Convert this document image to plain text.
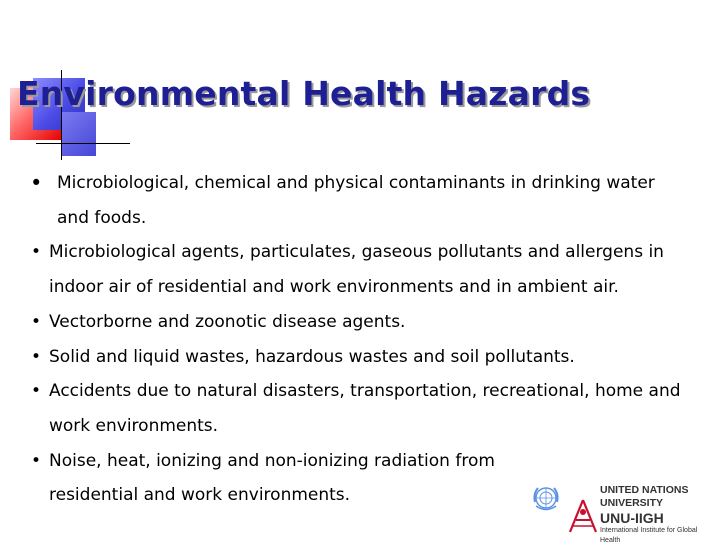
Environmental Health Hazards
• Microbiological, chemical and physical contaminants in drinking water and foods.
• Microbiological agents, particulates, gaseous pollutants and allergens in indoor air of residential and work environments and in ambient air.
• Vectorborne and zoonotic disease agents.
• Solid and liquid wastes, hazardous wastes and soil pollutants.
• Accidents due to natural disasters, transportation, recreational, home and work environments.
• Noise, heat, ionizing and non-ionizing radiation from residential and work environments.	UNITED NATIONS
UNIVERSITY
UNU-IIGH
International Institute for Global Health
